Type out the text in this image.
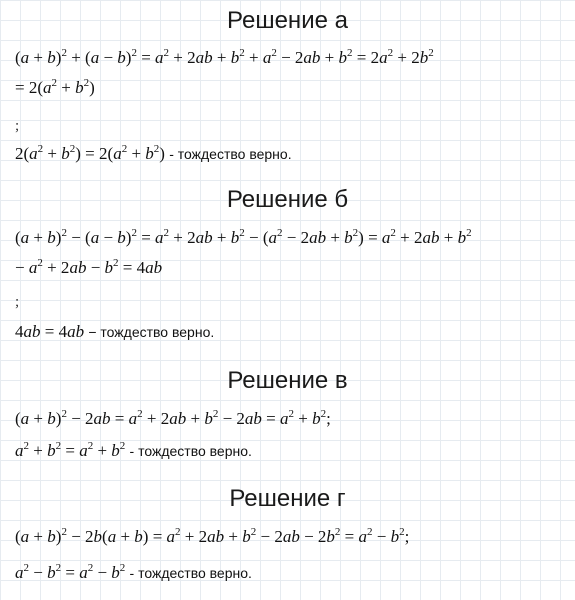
Решение а
$(a + b)^2 + (a - b)^2 = a^2 + 2ab + b^2 + a^2 - 2ab + b^2 = 2a^2 + 2b^2$
= $2(a^2 + b^2)$
;
$2(a^2 + b^2) = 2(a^2 + b^2)$ - тождество верно.
Решение б
$(a + b)^2 - (a - b)^2 = a^2 + 2ab + b^2 - (a^2 - 2ab + b^2) = a^2 + 2ab + b^2$
− $a^2 + 2ab - b^2 = 4ab$
;
4ab = 4ab − тождество верно.
Решение в
$(a + b)^2 - 2ab = a^2 + 2ab + b^2 - 2ab = a^2 + b^2$;
$a^2 + b^2 = a^2 + b^2$ - тождество верно.
Решение г
$(a + b)^2 - 2b(a + b) = a^2 + 2ab + b^2 - 2ab - 2b^2 = a^2 - b^2$;
$a^2 - b^2 = a^2 - b^2$ - тождество верно.
